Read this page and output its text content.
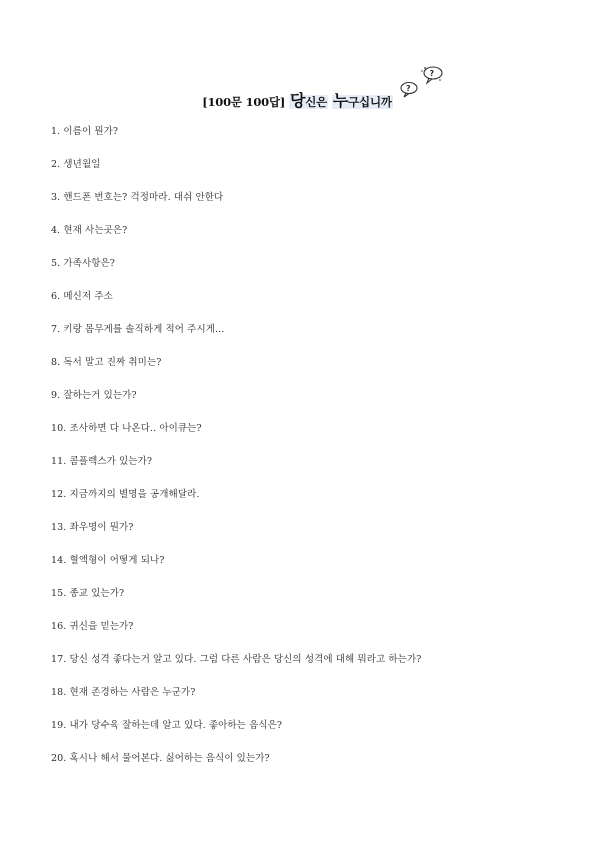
?
?
[100문 100답] 당신은 누구십니까
1. 이름이 뭔가?
2. 생년월일
3. 핸드폰 번호는? 걱정마라. 대쉬 안한다
4. 현재 사는곳은?
5. 가족사항은?
6. 메신저 주소
7. 키랑 몸무게를 솔직하게 적어 주시게...
8. 독서 말고 진짜 취미는?
9. 잘하는거 있는가?
10. 조사하면 다 나온다.. 아이큐는?
11. 콤플렉스가 있는가?
12. 지금까지의 별명을 공개해달라.
13. 좌우명이 뭔가?
14. 혈액형이 어떻게 되나?
15. 종교 있는가?
16. 귀신을 믿는가?
17. 당신 성격 좋다는거 알고 있다. 그럼 다른 사람은 당신의 성격에 대해 뭐라고 하는가?
18. 현재 존경하는 사람은 누군가?
19. 내가 당수육 잘하는데 알고 있다. 좋아하는 음식은?
20. 혹시나 해서 물어본다. 싫어하는 음식이 있는가?
